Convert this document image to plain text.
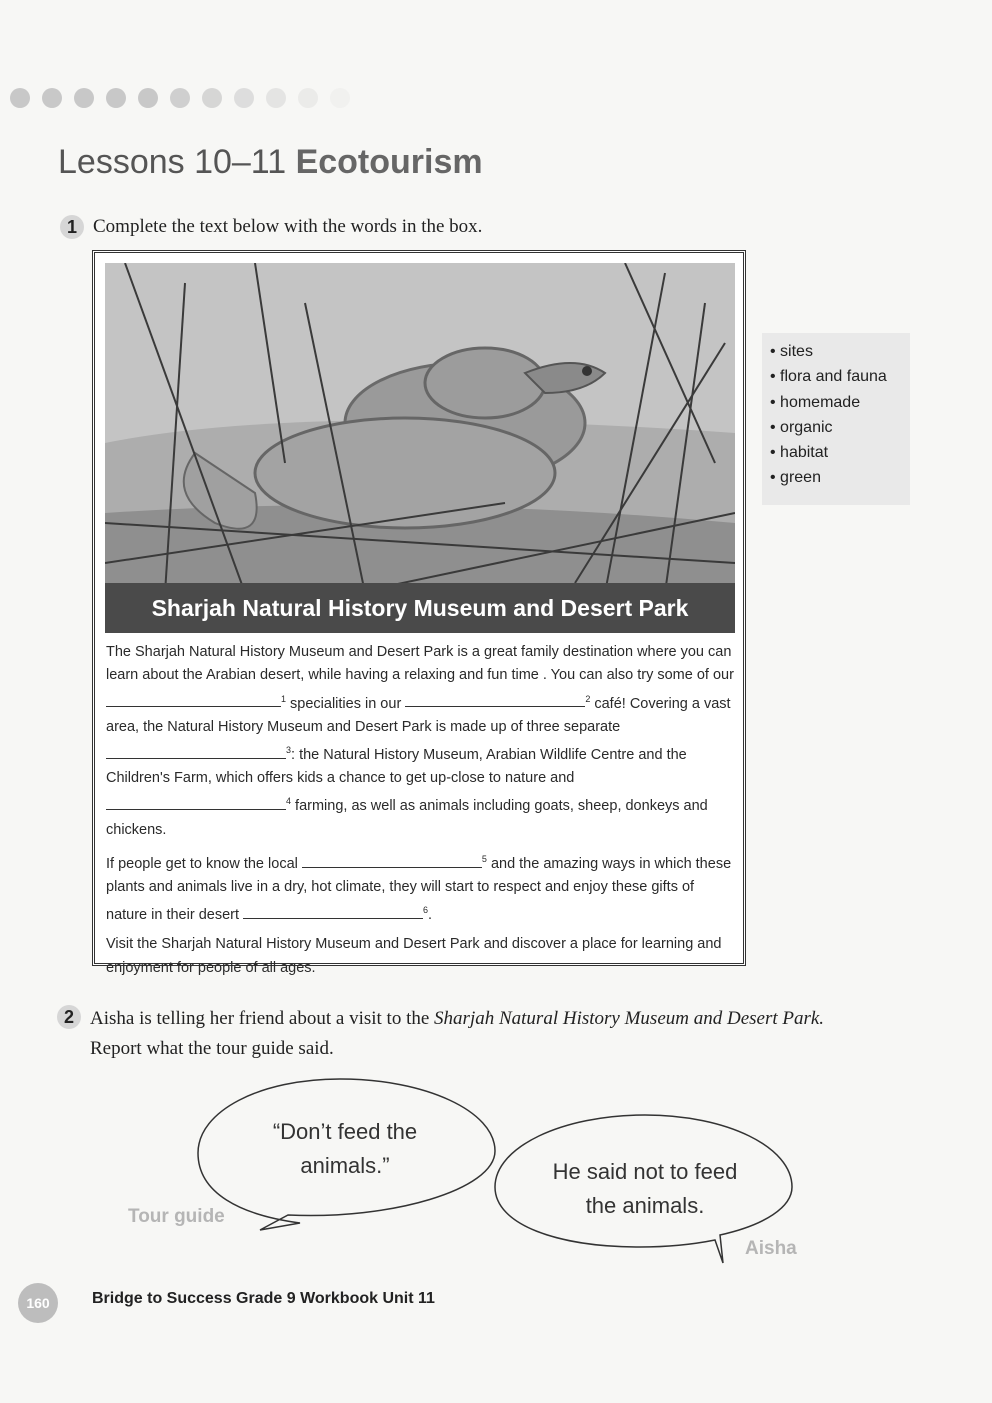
Lessons 10–11 Ecotourism
1 Complete the text below with the words in the box.
Sharjah Natural History Museum and Desert Park

The Sharjah Natural History Museum and Desert Park is a great family destination where you can learn about the Arabian desert, while having a relaxing and fun time . You can also try some of our $^1$ specialities in our	$^2$ café! Covering a vast area, the Natural History Museum and Desert Park is made up of three separate $^3$: the Natural History Museum, Arabian Wildlife Centre and the Children's Farm, which offers kids a chance to get up-close to nature and $^4$ farming, as well as animals including goats, sheep, donkeys and chickens.

If people get to know the local	$^5$ and the amazing ways in which these plants and animals live in a dry, hot climate, they will start to respect and enjoy these gifts of nature in their desert	$^6$.

Visit the Sharjah Natural History Museum and Desert Park and discover a place for learning and enjoyment for people of all ages.

• sites
• flora and fauna
• homemade
• organic
• habitat
• green
2 Aisha is telling her friend about a visit to the Sharjah Natural History Museum and Desert Park.
Report what the tour guide said.
“Don’t feed the
animals.”
Tour guide
He said not to feed
the animals.
Aisha
160	Bridge to Success Grade 9 Workbook Unit 11
